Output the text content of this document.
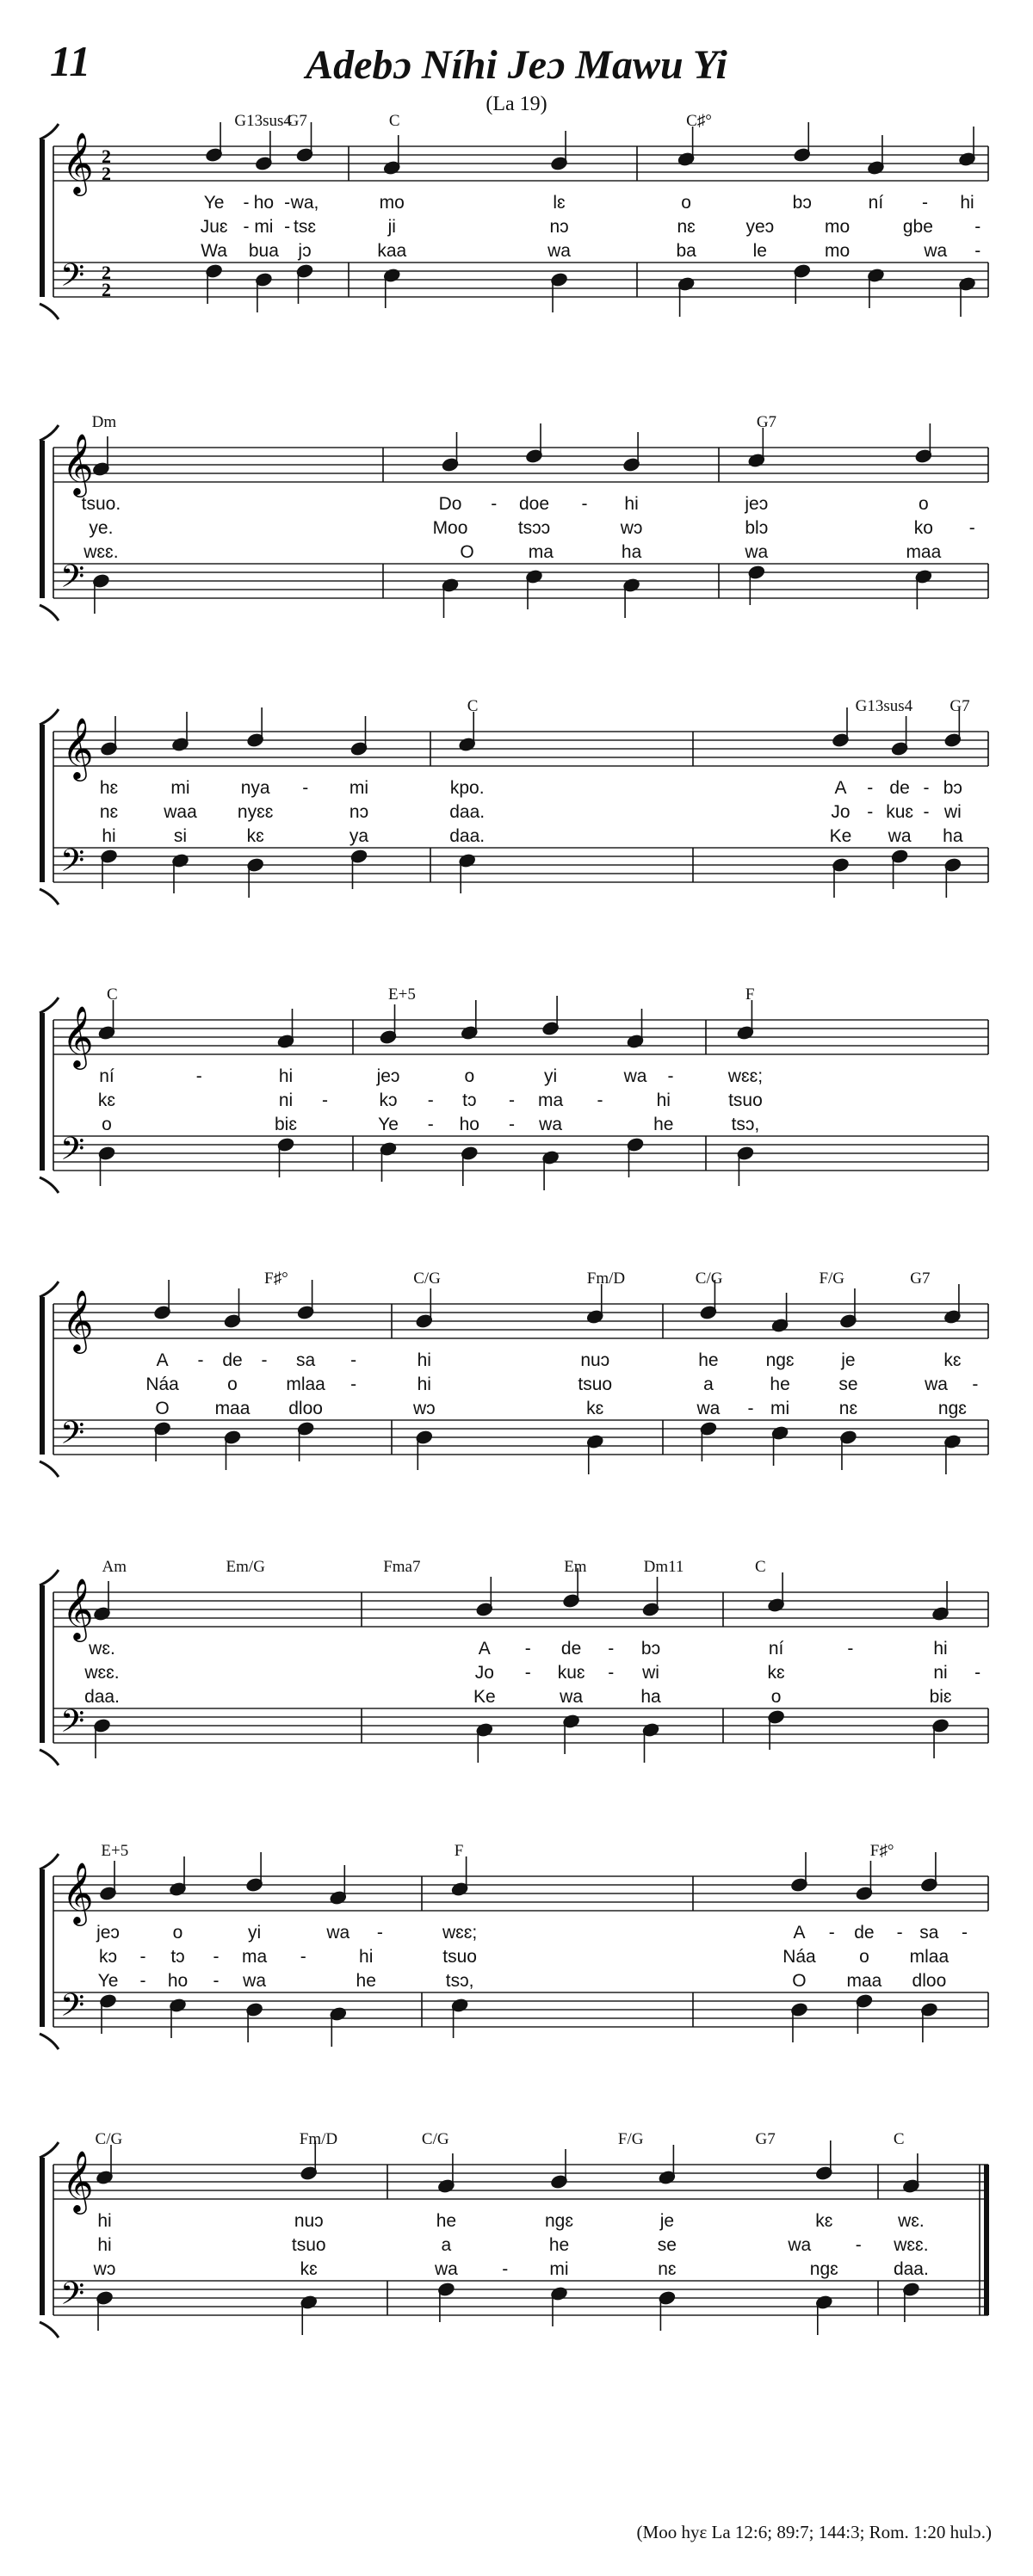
11	Adebɔ Níhi Jeɔ Mawu Yi
(La 19)
𝄞
𝄢
2
2
2
2
G13sus4
G7	C	C♯°
Ye - ho - wa,	mo	lɛ	o	bɔ	ní - hi
Juɛ - mi - tsɛ	ji	nɔ	nɛ	yeɔ	mo	gbe -
Wa bua jɔ	kaa	wa	ba	le	mo	wa -
𝄞
𝄢
Dm	G7
tsuo.	Do - doe - hi	jeɔ	o
ye.	Moo	tsɔɔ	wɔ	blɔ	ko -
wɛɛ.	O	ma	ha	wa	maa
𝄞
𝄢
C	G13sus4 G7
hɛ	mi	nya - mi	kpo.	A - de - bɔ
nɛ	waa nyɛɛ	nɔ	daa.	Jo - kuɛ - wi
hi	si	kɛ	ya	daa.	Ke wa ha
𝄞
𝄢
C	E+5	F
ní	-	hi	jeɔ	o	yi	wa -	wɛɛ;
kɛ	ni -	kɔ - tɔ - ma -	hi	tsuo
o	biɛ	Ye - ho - wa	he	tsɔ,
𝄞
𝄢
F♯°	C/G	Fm/D	C/G	F/G	G7
A - de - sa -	hi	nuɔ	he	ngɛ	je	kɛ
Náa	o	mlaa -	hi	tsuo	a	he	se	wa -
O	maa dloo	wɔ	kɛ	wa - mi	nɛ	ngɛ
𝄞
𝄢
Am	Em/G	Fma7	Em	Dm11	C
wɛ.	A - de - bɔ	ní	-	hi
wɛɛ.	Jo - kuɛ - wi	kɛ	ni -
daa.	Ke	wa	ha	o	biɛ
𝄞
𝄢
E+5	F	F♯°
jeɔ	o	yi	wa -	wɛɛ;	A - de - sa -
kɔ - tɔ - ma -	hi	tsuo	Náa o mlaa
Ye - ho - wa	he	tsɔ,	O maa dloo
𝄞
𝄢
C/G	Fm/D	C/G	F/G	G7	C
hi	nuɔ	he	ngɛ	je	kɛ	wɛ.
hi	tsuo	a	he	se	wa - wɛɛ.
wɔ	kɛ	wa - mi	nɛ	ngɛ	daa.
(Moo hyɛ La 12:6; 89:7; 144:3; Rom. 1:20 hulɔ.)
